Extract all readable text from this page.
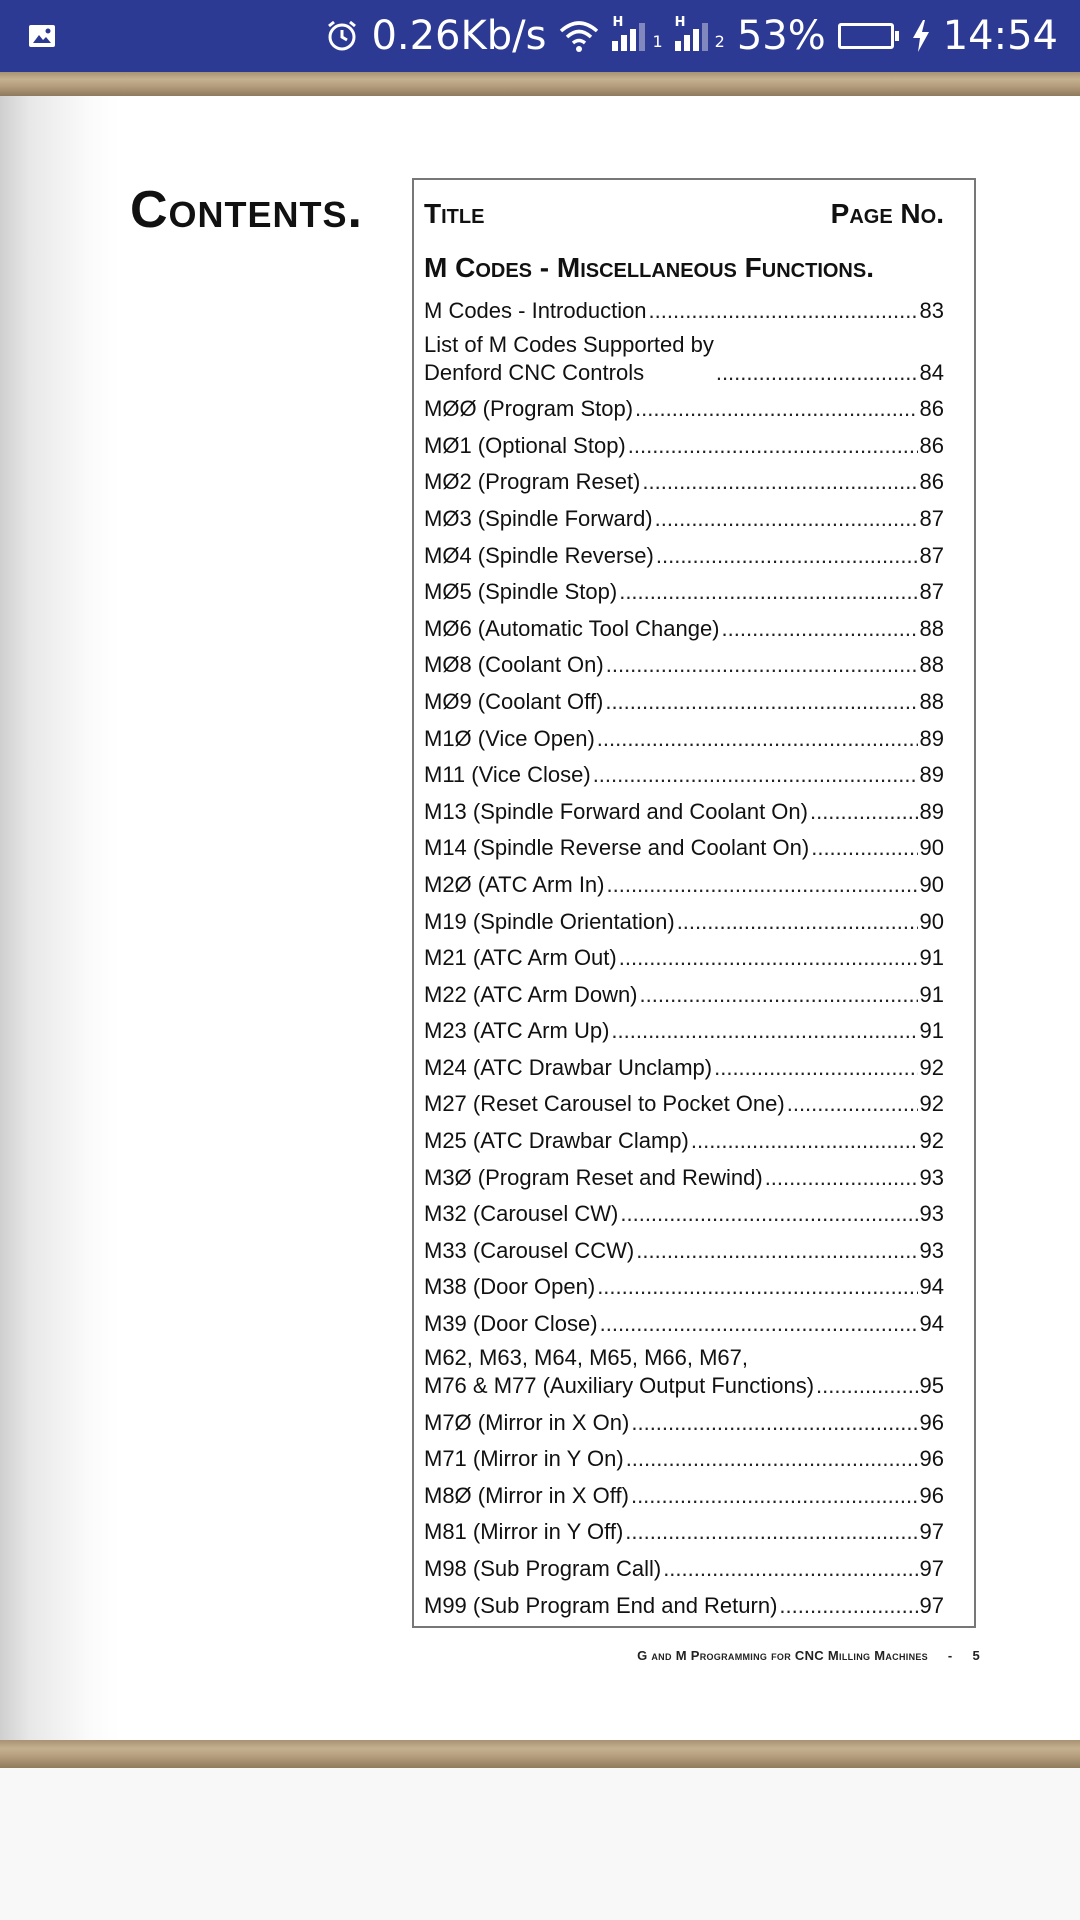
0.26Kb/s	H
1
H
2 53%	14:54
Contents. Title	Page No.
M Codes - Miscellaneous Functions.
M Codes - Introduction .....	83
List of M Codes Supported by
Denford CNC Controls .....	84
MØØ (Program Stop) .....	86
MØ1 (Optional Stop) .....	86
MØ2 (Program Reset) .....	86
MØ3 (Spindle Forward) .....	87
MØ4 (Spindle Reverse) .....	87
MØ5 (Spindle Stop) .....	87
MØ6 (Automatic Tool Change) .....	88
MØ8 (Coolant On) .....	88
MØ9 (Coolant Off) .....	88
M1Ø (Vice Open) .....	89
M11 (Vice Close) .....	89
M13 (Spindle Forward and Coolant On) .....	89
M14 (Spindle Reverse and Coolant On) .....	90
M2Ø (ATC Arm In) .....	90
M19 (Spindle Orientation) .....	90
M21 (ATC Arm Out) .....	91
M22 (ATC Arm Down) .....	91
M23 (ATC Arm Up) .....	91
M24 (ATC Drawbar Unclamp) .....	92
M27 (Reset Carousel to Pocket One) .....	92
M25 (ATC Drawbar Clamp) .....	92
M3Ø (Program Reset and Rewind) .....	93
M32 (Carousel CW) .....	93
M33 (Carousel CCW) .....	93
M38 (Door Open) .....	94
M39 (Door Close) .....	94
M62, M63, M64, M65, M66, M67,
M76 & M77 (Auxiliary Output Functions) .....	95
M7Ø (Mirror in X On) .....	96
M71 (Mirror in Y On) .....	96
M8Ø (Mirror in X Off) .....	96
M81 (Mirror in Y Off) .....	97
M98 (Sub Program Call) .....	97
M99 (Sub Program End and Return) .....	97
G and M Programming for CNC Milling Machines - 5
